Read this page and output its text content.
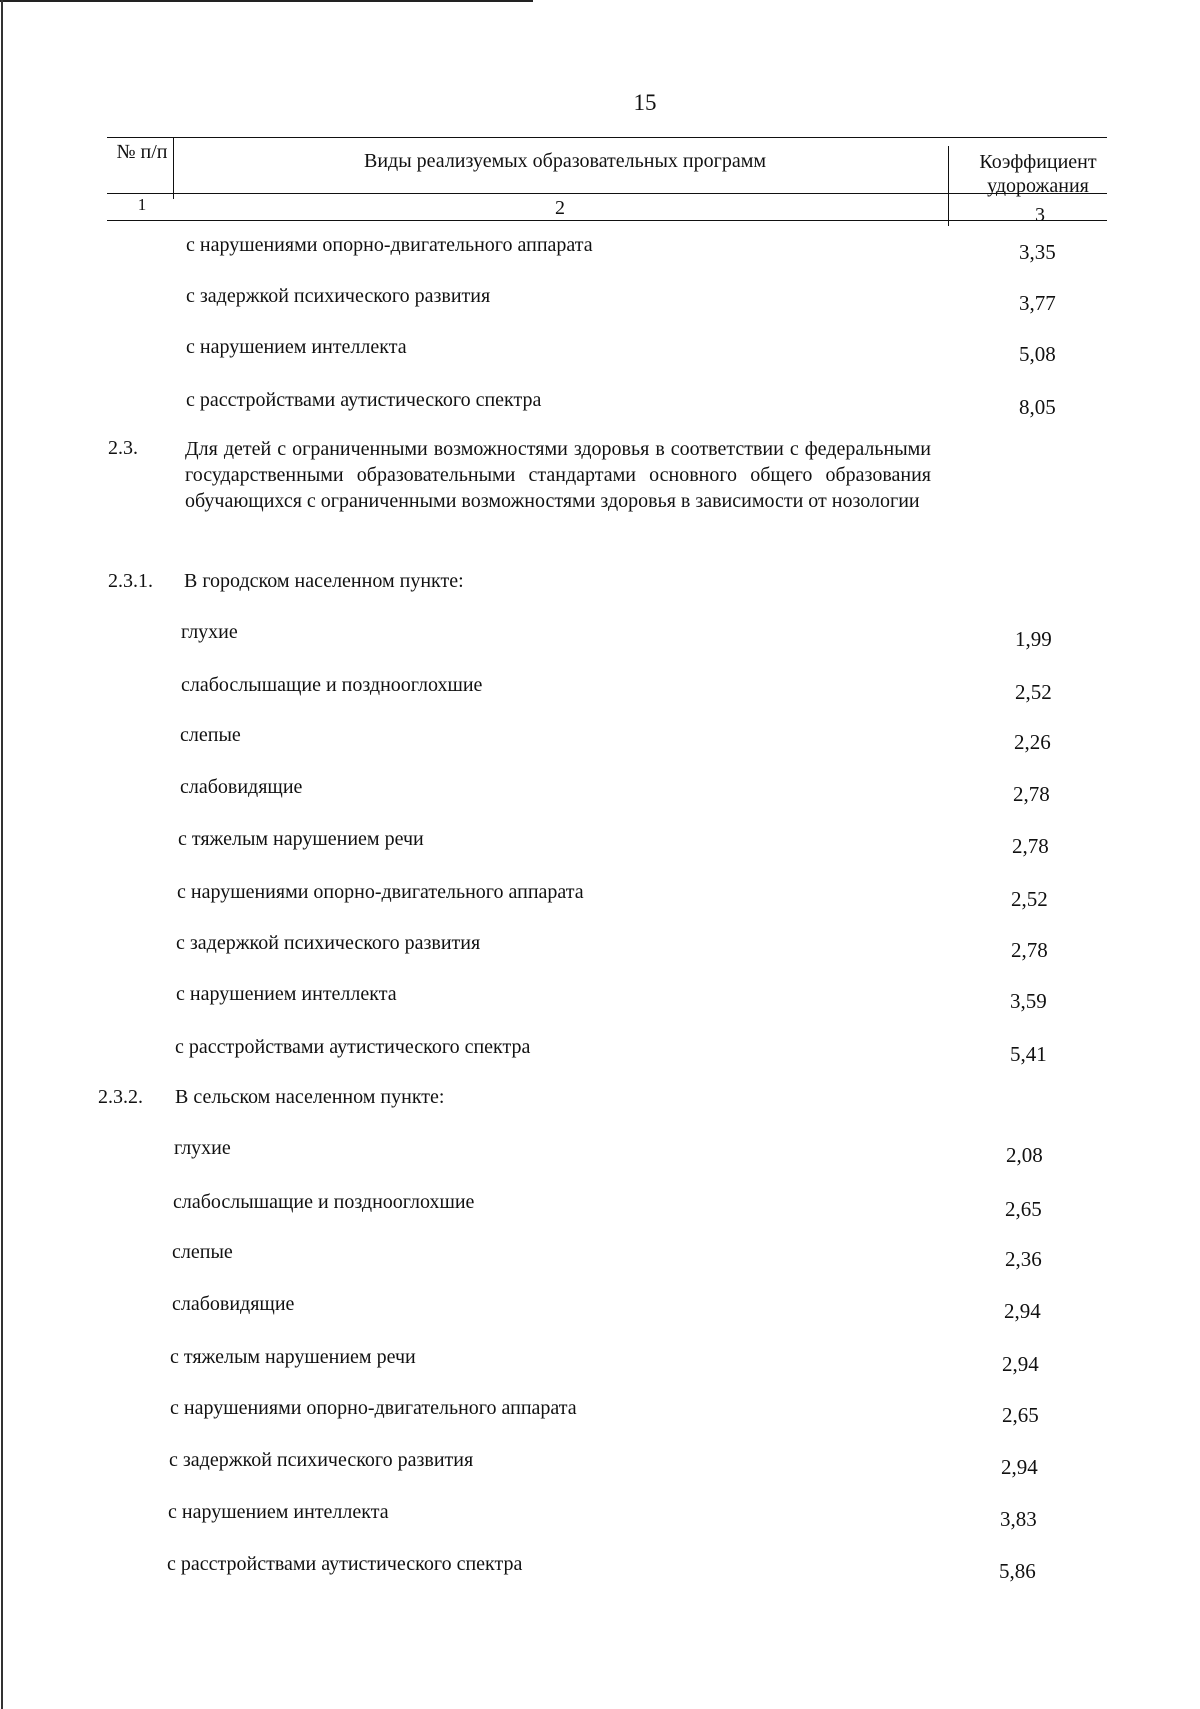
15
№ п/п	Виды реализуемых образовательных программ	Коэффициент удорожания
1	2	3
с нарушениями опорно-двигательного аппарата	3,35
с задержкой психического развития	3,77
с нарушением интеллекта	5,08
с расстройствами аутистического спектра	8,05
2.3. Для детей с ограниченными возможностями здоровья в соответствии с федеральными государственными образовательными стандартами основного общего образования обучающихся с ограниченными возможностями здоровья в зависимости от нозологии
2.3.1. В городском населенном пункте:
глухие	1,99
слабослышащие и позднооглохшие	2,52
слепые	2,26
слабовидящие	2,78
с тяжелым нарушением речи	2,78
с нарушениями опорно-двигательного аппарата	2,52
с задержкой психического развития	2,78
с нарушением интеллекта	3,59
с расстройствами аутистического спектра	5,41
2.3.2. В сельском населенном пункте:
глухие	2,08
слабослышащие и позднооглохшие	2,65
слепые	2,36
слабовидящие	2,94
с тяжелым нарушением речи	2,94
с нарушениями опорно-двигательного аппарата	2,65
с задержкой психического развития	2,94
с нарушением интеллекта	3,83
с расстройствами аутистического спектра	5,86
